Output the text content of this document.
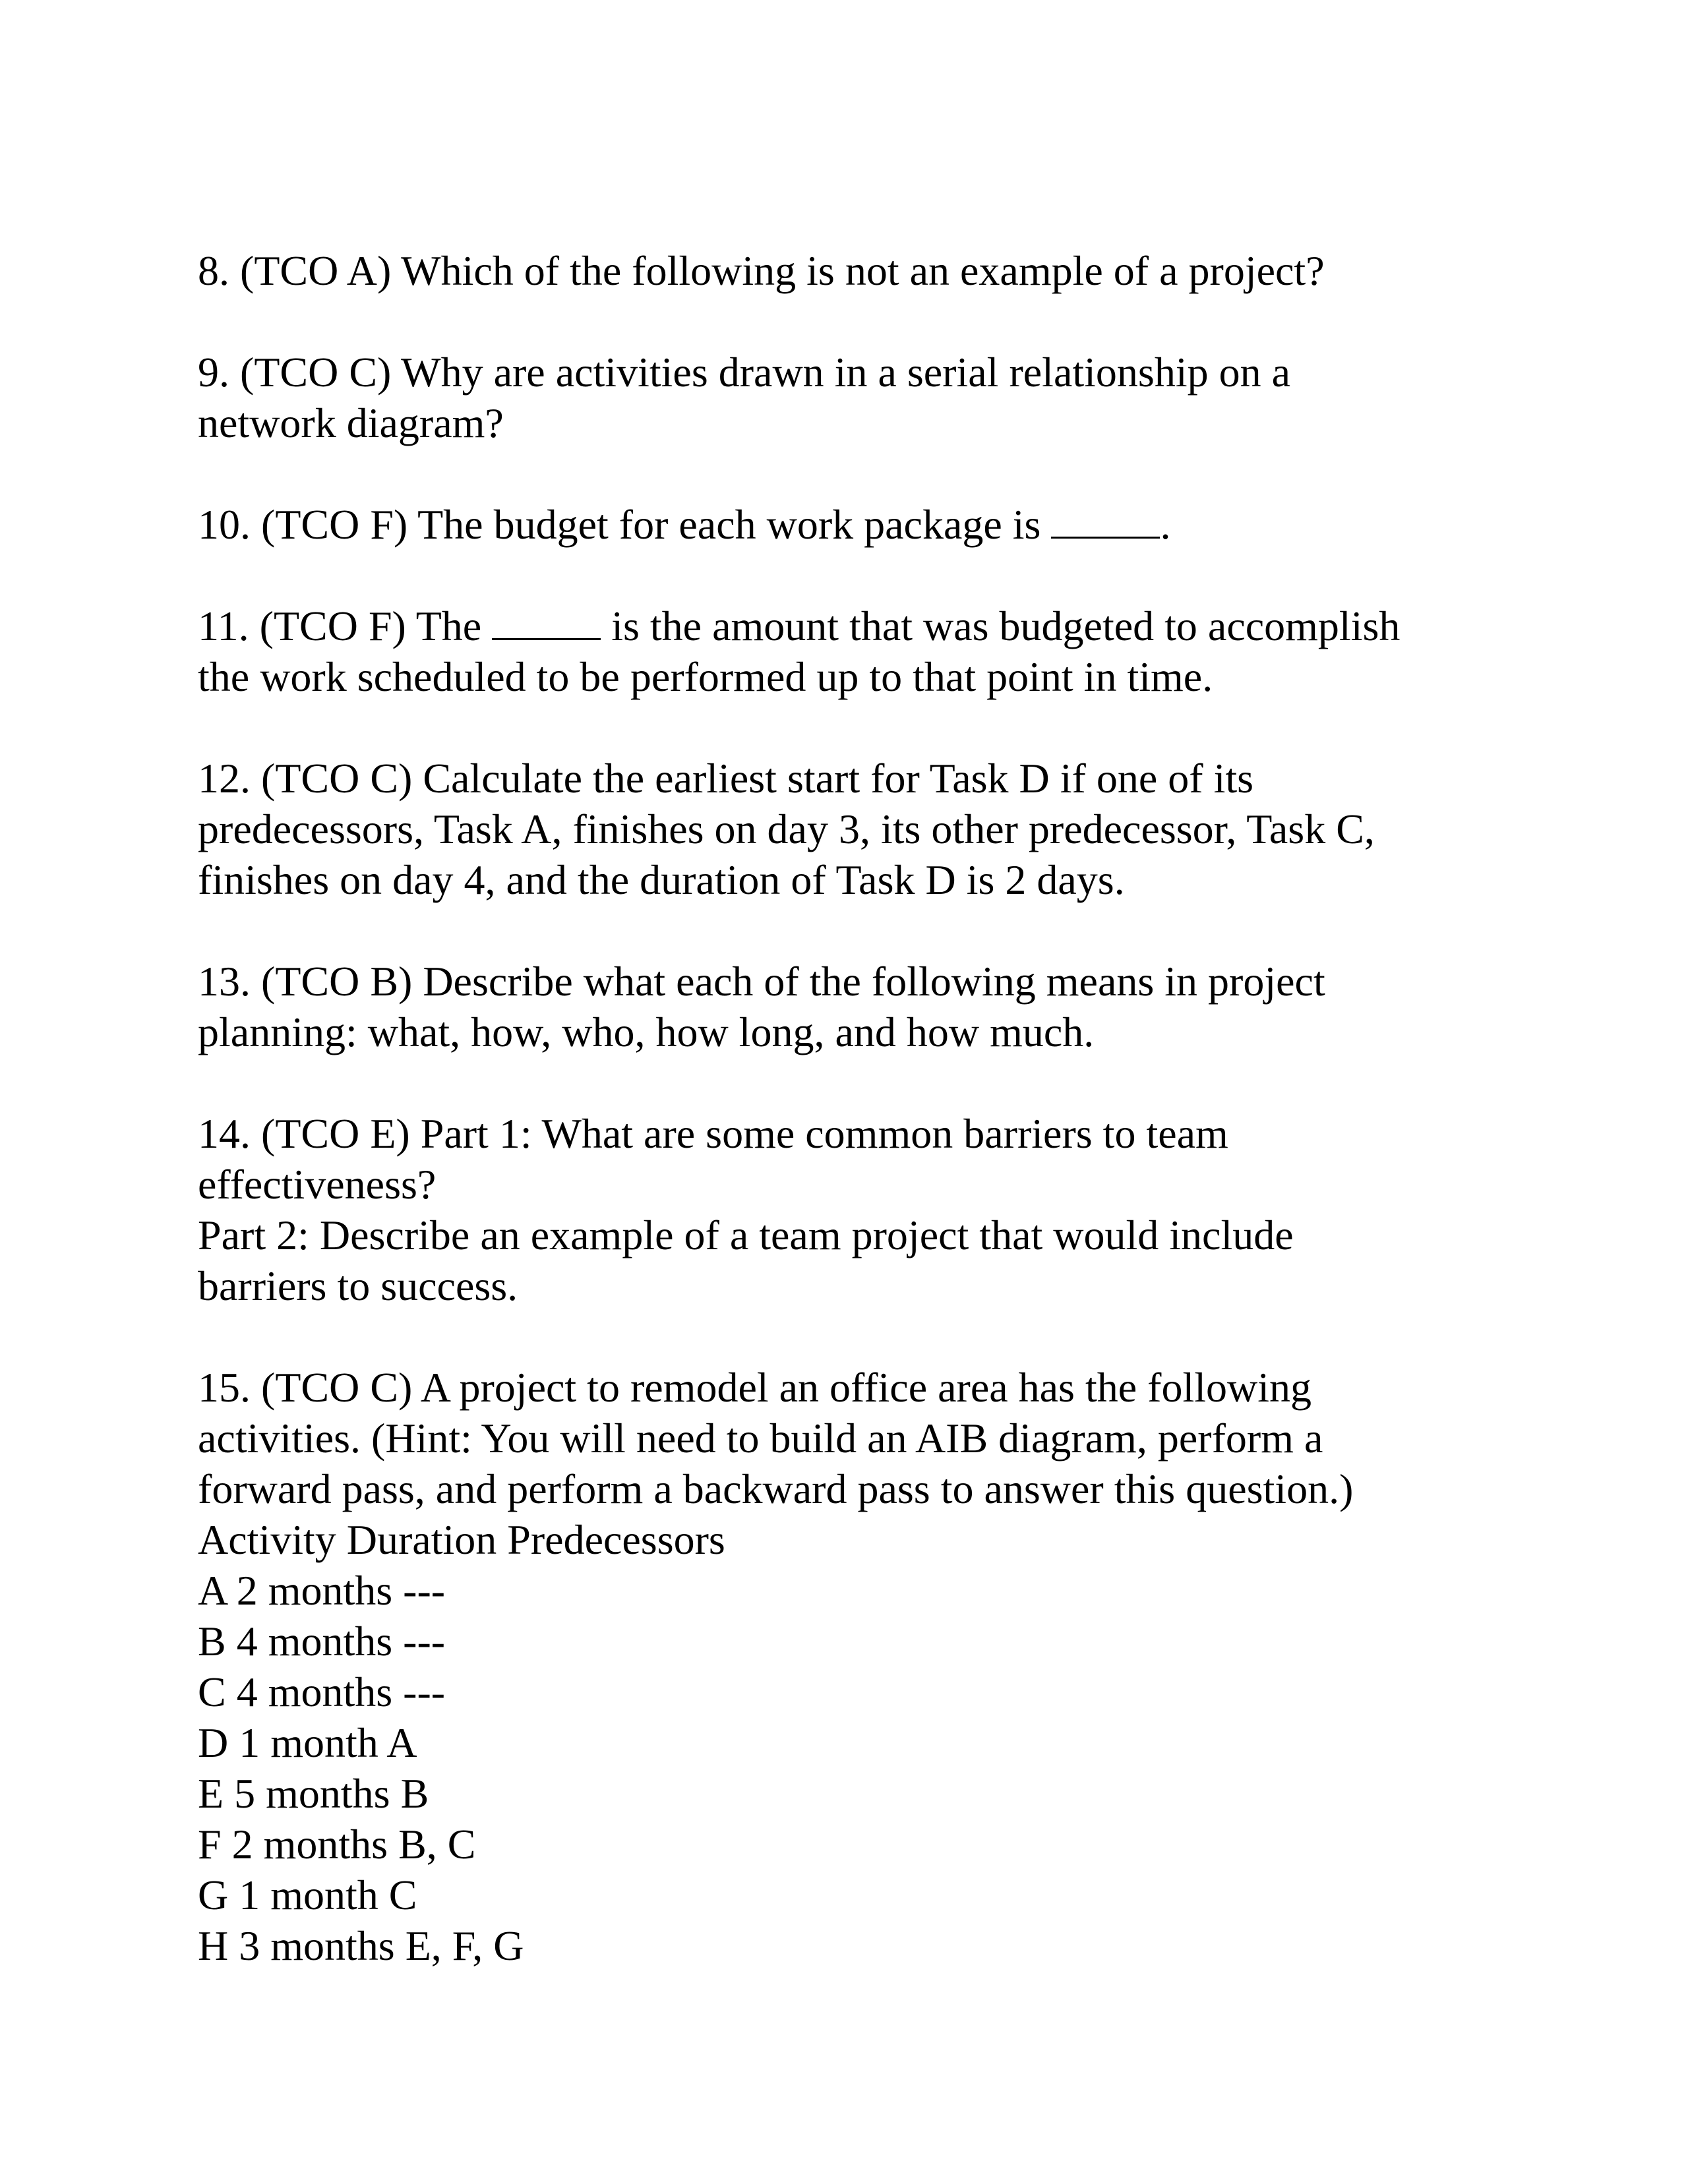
8. (TCO A) Which of the following is not an example of a project?
9. (TCO C) Why are activities drawn in a serial relationship on a
network diagram?
10. (TCO F) The budget for each work package is	.
11. (TCO F) The	is the amount that was budgeted to accomplish
the work scheduled to be performed up to that point in time.
12. (TCO C) Calculate the earliest start for Task D if one of its
predecessors, Task A, finishes on day 3, its other predecessor, Task C,
finishes on day 4, and the duration of Task D is 2 days.
13. (TCO B) Describe what each of the following means in project
planning: what, how, who, how long, and how much.
14. (TCO E) Part 1: What are some common barriers to team
effectiveness?
Part 2: Describe an example of a team project that would include
barriers to success.
15. (TCO C) A project to remodel an office area has the following
activities. (Hint: You will need to build an AIB diagram, perform a
forward pass, and perform a backward pass to answer this question.)
Activity Duration Predecessors
A 2 months ---
B 4 months ---
C 4 months ---
D 1 month A
E 5 months B
F 2 months B, C
G 1 month C
H 3 months E, F, G
